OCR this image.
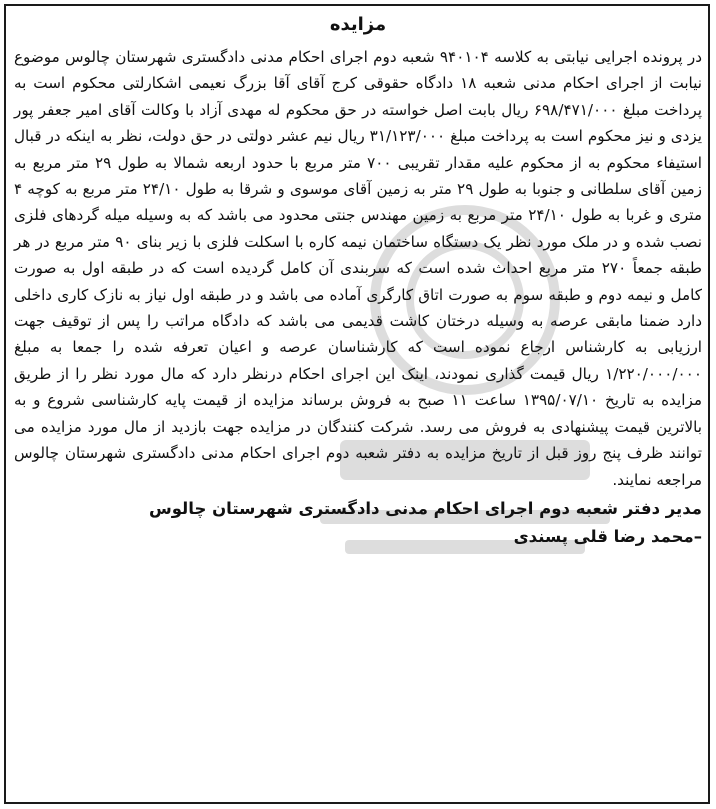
مزایده

در پرونده اجرایی نیابتی به کلاسه ۹۴۰۱۰۴ شعبه دوم اجرای احکام مدنی دادگستری شهرستان چالوس موضوع نیابت از اجرای احکام مدنی شعبه ۱۸ دادگاه حقوقی کرج آقای آقا بزرگ نعیمی اشکارلتی محکوم است به پرداخت مبلغ ۶۹۸/۴۷۱/۰۰۰ ریال بابت اصل خواسته در حق محکوم له مهدی آزاد با وکالت آقای امیر جعفر پور یزدی و نیز محکوم است به پرداخت مبلغ ۳۱/۱۲۳/۰۰۰ ریال نیم عشر دولتی در حق دولت، نظر به اینکه در قبال استیفاء محکوم به از محکوم علیه مقدار تقریبی ۷۰۰ متر مربع با حدود اربعه شمالا به طول ۲۹ متر مربع به زمین آقای سلطانی و جنوبا به طول ۲۹ متر به زمین آقای موسوی و شرقا به طول ۲۴/۱۰ متر مربع به کوچه ۴ متری و غربا به طول ۲۴/۱۰ متر مربع به زمین مهندس جنتی محدود می باشد که به وسیله میله گردهای فلزی نصب شده و در ملک مورد نظر یک دستگاه ساختمان نیمه کاره با اسکلت فلزی با زیر بنای ۹۰ متر مربع در هر طبقه جمعاً ۲۷۰ متر مربع احداث شده است که سربندی آن کامل گردیده است که در طبقه اول به صورت کامل و نیمه دوم و طبقه سوم به صورت اتاق کارگری آماده می باشد و در طبقه اول نیاز به نازک کاری داخلی دارد ضمنا مابقی عرصه به وسیله درختان کاشت قدیمی می باشد که دادگاه مراتب را پس از توقیف جهت ارزیابی به کارشناس ارجاع نموده است که کارشناسان عرصه و اعیان تعرفه شده را جمعا به مبلغ ۱/۲۲۰/۰۰۰/۰۰۰ ریال قیمت گذاری نمودند، اینک این اجرای احکام درنظر دارد که مال مورد نظر را از طریق مزایده به تاریخ ۱۳۹۵/۰۷/۱۰ ساعت ۱۱ صبح به فروش برساند مزایده از قیمت پایه کارشناسی شروع و به بالاترین قیمت پیشنهادی به فروش می رسد. شرکت کنندگان در مزایده جهت بازدید از مال مورد مزایده می توانند ظرف پنج روز قبل از تاریخ مزایده به دفتر شعبه دوم اجرای احکام مدنی دادگستری شهرستان چالوس مراجعه نمایند.

مدیر دفتر شعبه دوم اجرای احکام مدنی دادگستری شهرستان چالوس
–محمد رضا قلی پسندی
